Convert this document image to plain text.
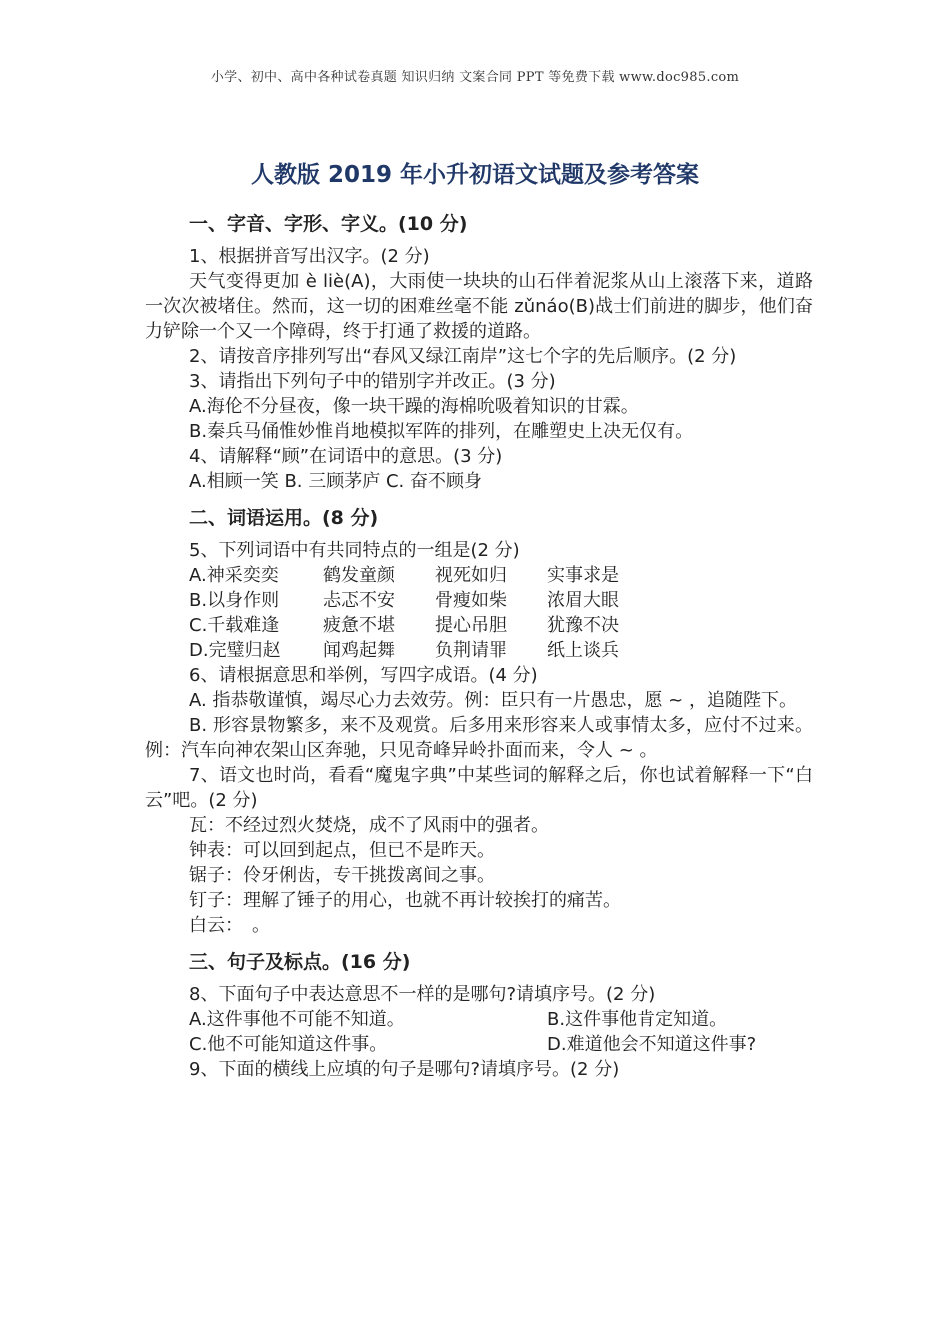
小学、初中、高中各种试卷真题 知识归纳 文案合同 PPT 等免费下载 www.doc985.com
人教版 2019 年小升初语文试题及参考答案
一、字音、字形、字义。(10 分)

1、根据拼音写出汉字。(2 分)

天气变得更加 è liè(A)，大雨使一块块的山石伴着泥浆从山上滚落下来，道路一次次被堵住。然而，这一切的困难丝毫不能 zǔnáo(B)战士们前进的脚步，他们奋力铲除一个又一个障碍，终于打通了救援的道路。

2、请按音序排列写出“春风又绿江南岸”这七个字的先后顺序。(2 分)

3、请指出下列句子中的错别字并改正。(3 分)

A.海伦不分昼夜，像一块干躁的海棉吮吸着知识的甘霖。

B.秦兵马俑惟妙惟肖地模拟军阵的排列，在雕塑史上决无仅有。

4、请解释“顾”在词语中的意思。(3 分)

A.相顾一笑 B. 三顾茅庐 C. 奋不顾身

二、词语运用。(8 分)

5、下列词语中有共同特点的一组是(2 分)

A.神采奕奕	鹤发童颜	视死如归	实事求是
B.以身作则	忐忑不安	骨瘦如柴	浓眉大眼
C.千载难逢	疲惫不堪	提心吊胆	犹豫不决
D.完璧归赵	闻鸡起舞	负荆请罪	纸上谈兵

6、请根据意思和举例，写四字成语。(4 分)

A. 指恭敬谨慎，竭尽心力去效劳。例：臣只有一片愚忠，愿 ~ ，追随陛下。

B. 形容景物繁多，来不及观赏。后多用来形容来人或事情太多，应付不过来。例：汽车向神农架山区奔驰，只见奇峰异岭扑面而来，令人 ~ 。

7、语文也时尚，看看“魔鬼字典”中某些词的解释之后，你也试着解释一下“白云”吧。(2 分)

瓦：不经过烈火焚烧，成不了风雨中的强者。

钟表：可以回到起点，但已不是昨天。

锯子：伶牙俐齿，专干挑拨离间之事。

钉子：理解了锤子的用心，也就不再计较挨打的痛苦。

白云：　。

三、句子及标点。(16 分)

8、下面句子中表达意思不一样的是哪句?请填序号。(2 分)

A.这件事他不可能不知道。	B.这件事他肯定知道。
C.他不可能知道这件事。	D.难道他会不知道这件事?

9、下面的横线上应填的句子是哪句?请填序号。(2 分)
